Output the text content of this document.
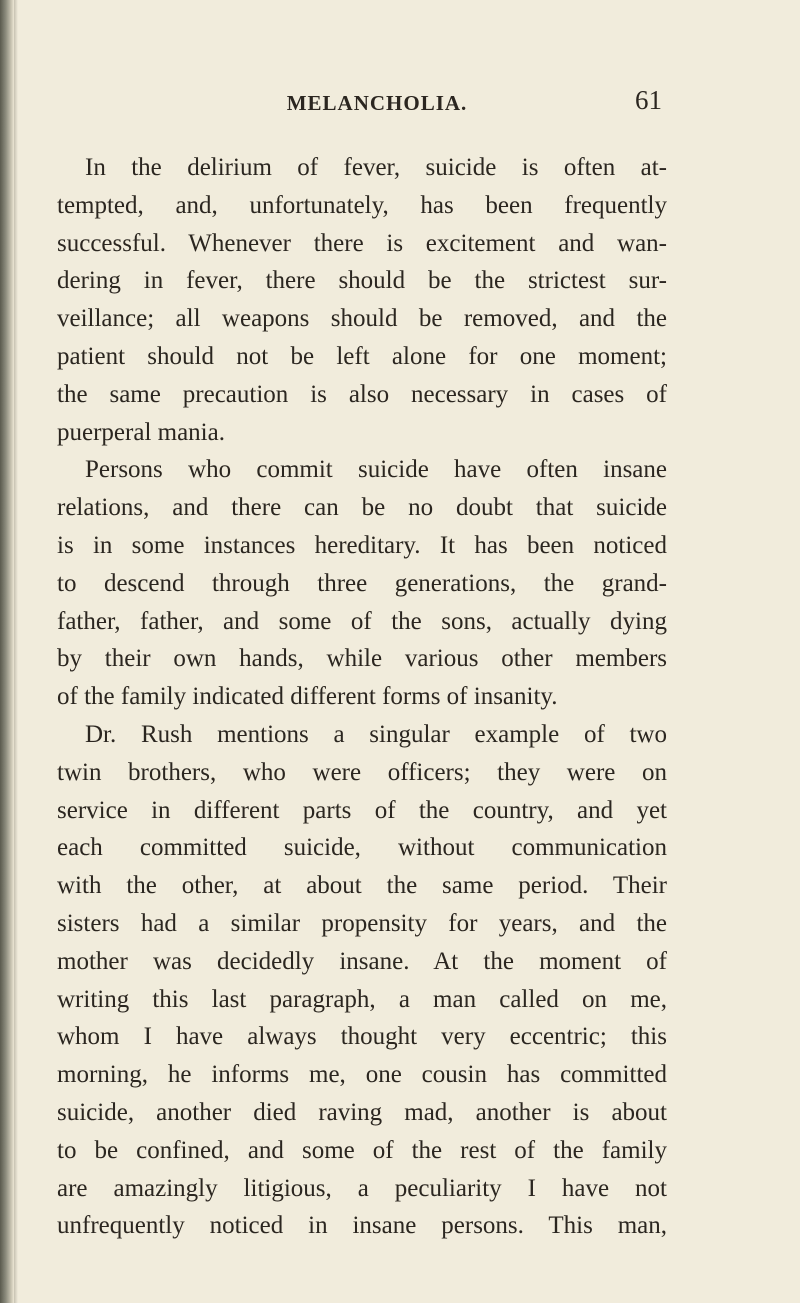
MELANCHOLIA.	61
In the delirium of fever, suicide is often at-
tempted, and, unfortunately, has been frequently
successful. Whenever there is excitement and wan-
dering in fever, there should be the strictest sur-
veillance; all weapons should be removed, and the
patient should not be left alone for one moment;
the same precaution is also necessary in cases of
puerperal mania.
Persons who commit suicide have often insane
relations, and there can be no doubt that suicide
is in some instances hereditary. It has been noticed
to descend through three generations, the grand-
father, father, and some of the sons, actually dying
by their own hands, while various other members
of the family indicated different forms of insanity.
Dr. Rush mentions a singular example of two
twin brothers, who were officers; they were on
service in different parts of the country, and yet
each committed suicide, without communication
with the other, at about the same period. Their
sisters had a similar propensity for years, and the
mother was decidedly insane. At the moment of
writing this last paragraph, a man called on me,
whom I have always thought very eccentric; this
morning, he informs me, one cousin has committed
suicide, another died raving mad, another is about
to be confined, and some of the rest of the family
are amazingly litigious, a peculiarity I have not
unfrequently noticed in insane persons. This man,
